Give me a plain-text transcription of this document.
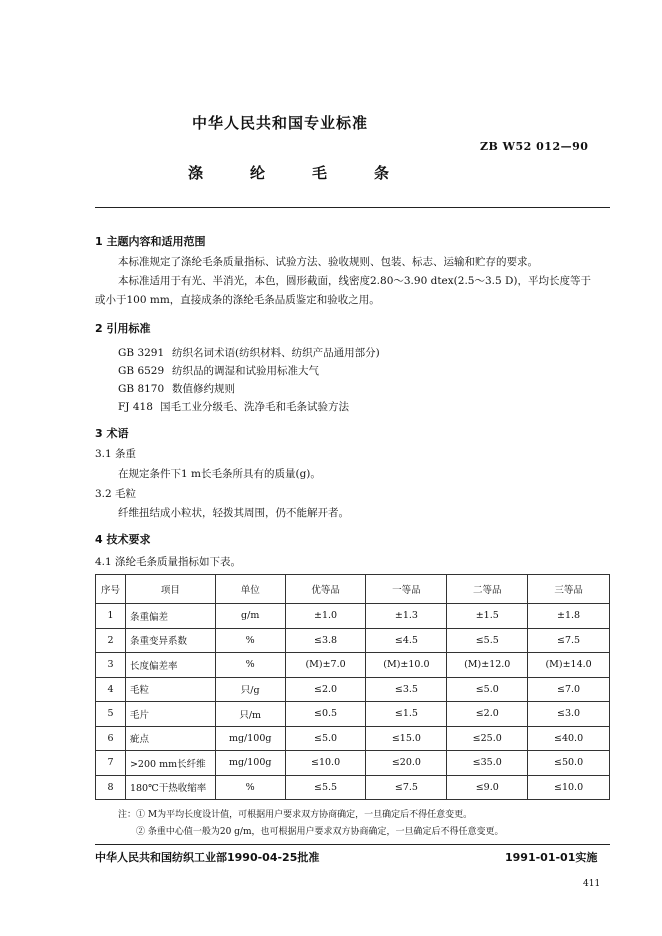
中华人民共和国专业标准
ZB W52 012—90
涤	纶	毛	条
1 主题内容和适用范围
本标准规定了涤纶毛条质量指标、试验方法、验收规则、包装、标志、运输和贮存的要求。
本标准适用于有光、半消光，本色，圆形截面，线密度2.80～3.90 dtex(2.5～3.5 D)，平均长度等于
或小于100 mm，直接成条的涤纶毛条品质鉴定和验收之用。
2 引用标准
GB 3291 纺织名词术语(纺织材料、纺织产品通用部分)
GB 6529 纺织品的调湿和试验用标准大气
GB 8170 数值修约规则
FJ 418 国毛工业分级毛、洗净毛和毛条试验方法
3 术语
3.1 条重
在规定条件下1 m长毛条所具有的质量(g)。
3.2 毛粒
纤维扭结成小粒状，轻拨其周围，仍不能解开者。
4 技术要求
4.1 涤纶毛条质量指标如下表。
序号	项目	单位	优等品	一等品	二等品	三等品
1	条重偏差	g/m	±1.0	±1.3	±1.5	±1.8
2	条重变异系数	%	≤3.8	≤4.5	≤5.5	≤7.5
3	长度偏差率	%	(M)±7.0	(M)±10.0	(M)±12.0	(M)±14.0
4	毛粒	只/g	≤2.0	≤3.5	≤5.0	≤7.0
5	毛片	只/m	≤0.5	≤1.5	≤2.0	≤3.0
6	疵点	mg/100g	≤5.0	≤15.0	≤25.0	≤40.0
7	>200 mm长纤维	mg/100g	≤10.0	≤20.0	≤35.0	≤50.0
8	180℃干热收缩率	%	≤5.5	≤7.5	≤9.0	≤10.0
注：① M为平均长度设计值，可根据用户要求双方协商确定，一旦确定后不得任意变更。
② 条重中心值一般为20 g/m，也可根据用户要求双方协商确定，一旦确定后不得任意变更。
中华人民共和国纺织工业部1990-04-25批准	1991-01-01实施
411
